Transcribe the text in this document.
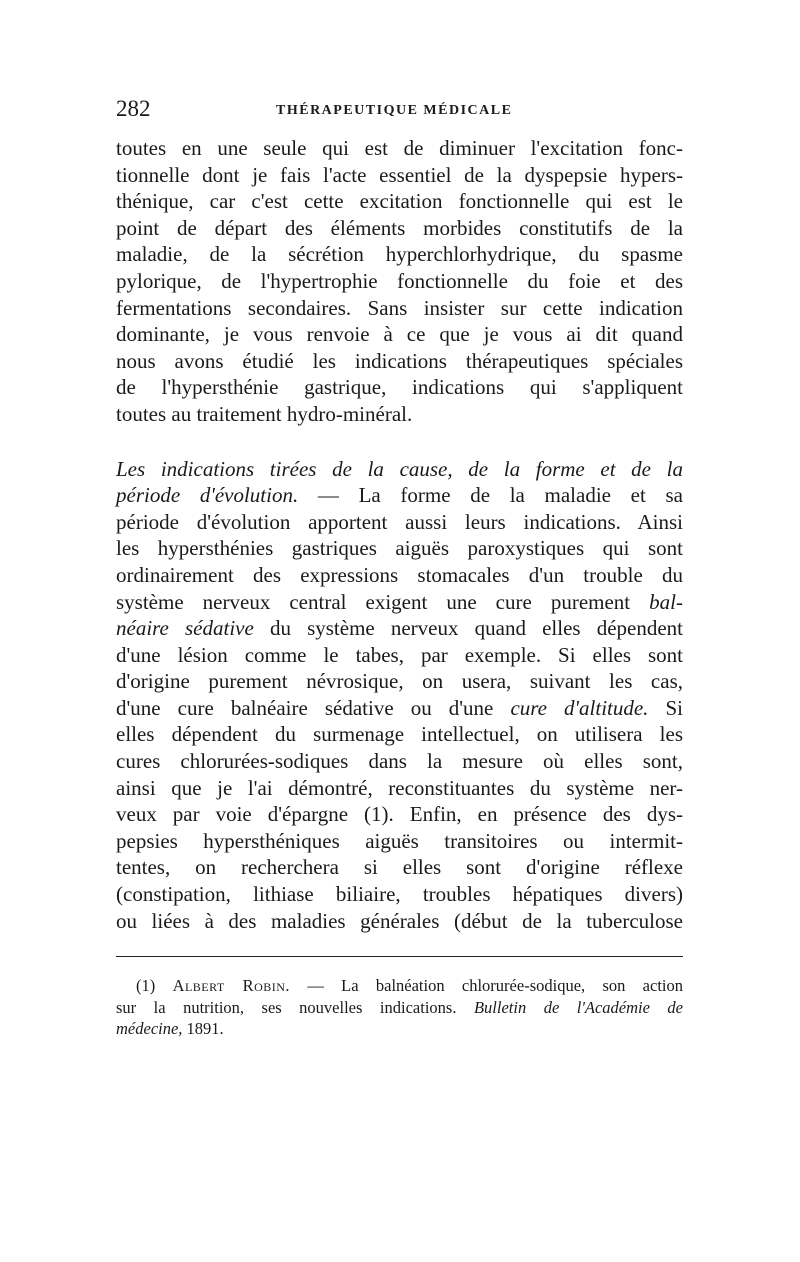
282	THÉRAPEUTIQUE MÉDICALE
toutes en une seule qui est de diminuer l'excitation fonc-
tionnelle dont je fais l'acte essentiel de la dyspepsie hypers-
thénique, car c'est cette excitation fonctionnelle qui est le
point de départ des éléments morbides constitutifs de la
maladie, de la sécrétion hyperchlorhydrique, du spasme
pylorique, de l'hypertrophie fonctionnelle du foie et des
fermentations secondaires. Sans insister sur cette indication
dominante, je vous renvoie à ce que je vous ai dit quand
nous avons étudié les indications thérapeutiques spéciales
de l'hypersthénie gastrique, indications qui s'appliquent
toutes au traitement hydro-minéral.
Les indications tirées de la cause, de la forme et de la
période d'évolution. — La forme de la maladie et sa
période d'évolution apportent aussi leurs indications. Ainsi
les hypersthénies gastriques aiguës paroxystiques qui sont
ordinairement des expressions stomacales d'un trouble du
système nerveux central exigent une cure purement bal-
néaire sédative du système nerveux quand elles dépendent
d'une lésion comme le tabes, par exemple. Si elles sont
d'origine purement névrosique, on usera, suivant les cas,
d'une cure balnéaire sédative ou d'une cure d'altitude. Si
elles dépendent du surmenage intellectuel, on utilisera les
cures chlorurées-sodiques dans la mesure où elles sont,
ainsi que je l'ai démontré, reconstituantes du système ner-
veux par voie d'épargne (1). Enfin, en présence des dys-
pepsies hypersthéniques aiguës transitoires ou intermit-
tentes, on recherchera si elles sont d'origine réflexe
(constipation, lithiase biliaire, troubles hépatiques divers)
ou liées à des maladies générales (début de la tuberculose
(1) Albert Robin. — La balnéation chlorurée-sodique, son action
sur la nutrition, ses nouvelles indications. Bulletin de l'Académie de
médecine, 1891.
